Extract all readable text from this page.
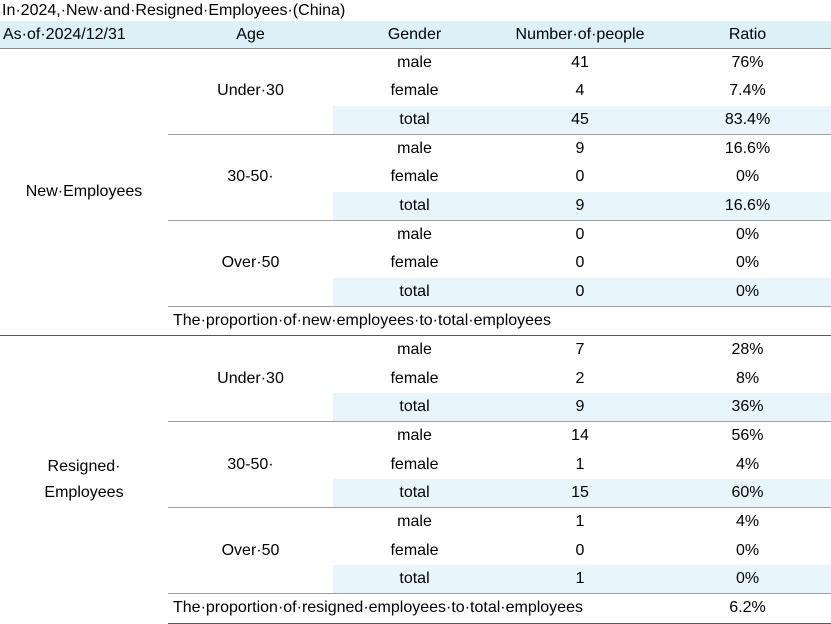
In·2024,·New·and·Resigned·Employees·(China)
As·of·2024/12/31	Age	Gender	Number·of·people	Ratio
New·Employees	Under·30	male	41	76%
		female	4	7.4%
		total	45	83.4%
	30-50·	male	9	16.6%
		female	0	0%
		total	9	16.6%
	Over·50	male	0	0%
		female	0	0%
		total	0	0%
	The·proportion·of·new·employees·to·total·employees			
Resigned·
Employees	Under·30	male	7	28%
		female	2	8%
		total	9	36%
	30-50·	male	14	56%
		female	1	4%
		total	15	60%
	Over·50	male	1	4%
		female	0	0%
		total	1	0%
	The·proportion·of·resigned·employees·to·total·employees			6.2%
